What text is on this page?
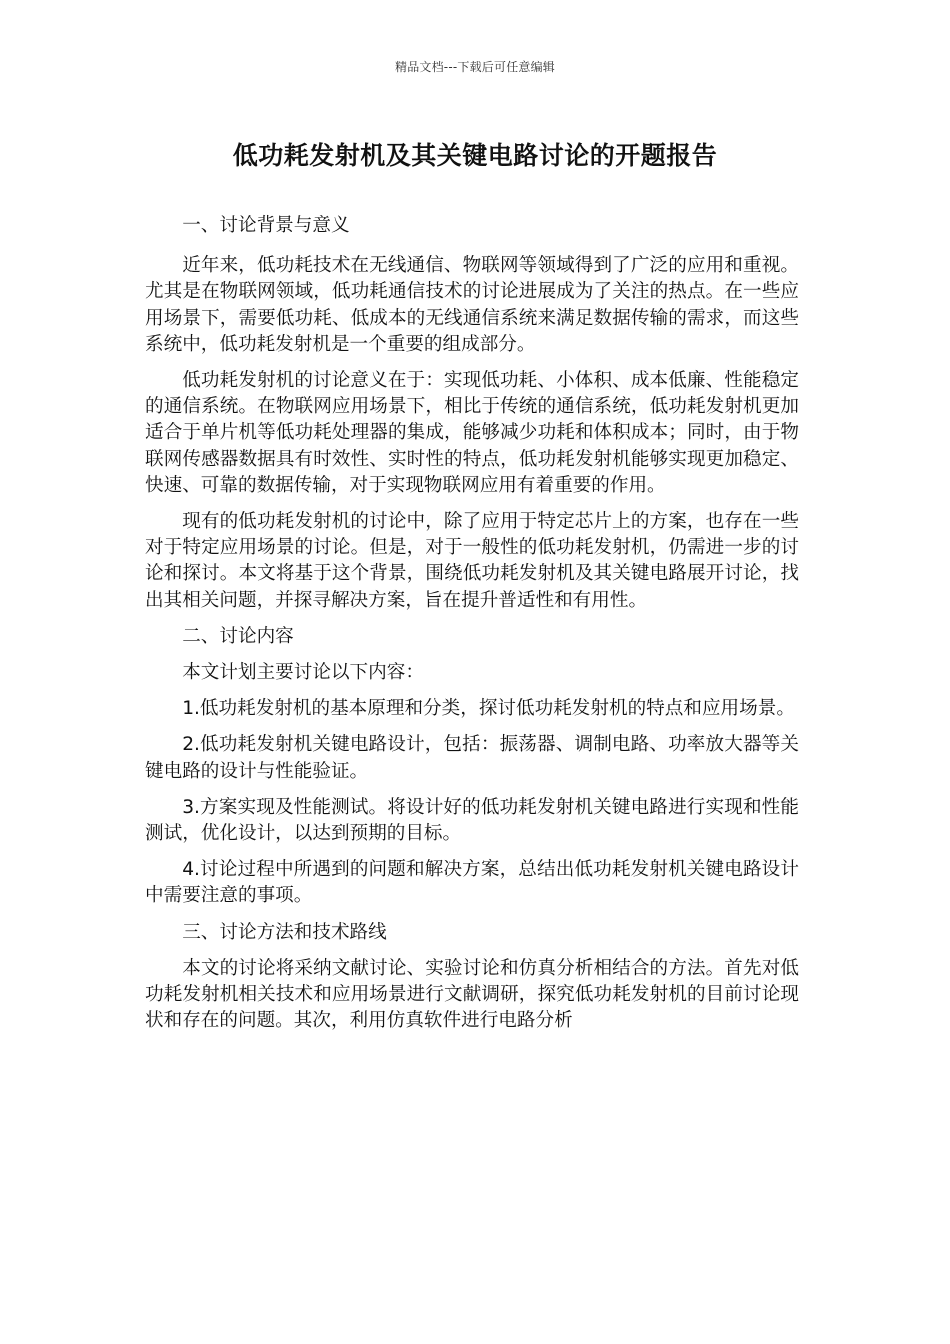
精品文档---下载后可任意编辑
低功耗发射机及其关键电路讨论的开题报告

一、讨论背景与意义

近年来，低功耗技术在无线通信、物联网等领域得到了广泛的应用和重视。尤其是在物联网领域，低功耗通信技术的讨论进展成为了关注的热点。在一些应用场景下，需要低功耗、低成本的无线通信系统来满足数据传输的需求，而这些系统中，低功耗发射机是一个重要的组成部分。

低功耗发射机的讨论意义在于：实现低功耗、小体积、成本低廉、性能稳定的通信系统。在物联网应用场景下，相比于传统的通信系统，低功耗发射机更加适合于单片机等低功耗处理器的集成，能够减少功耗和体积成本；同时，由于物联网传感器数据具有时效性、实时性的特点，低功耗发射机能够实现更加稳定、快速、可靠的数据传输，对于实现物联网应用有着重要的作用。

现有的低功耗发射机的讨论中，除了应用于特定芯片上的方案，也存在一些对于特定应用场景的讨论。但是，对于一般性的低功耗发射机，仍需进一步的讨论和探讨。本文将基于这个背景，围绕低功耗发射机及其关键电路展开讨论，找出其相关问题，并探寻解决方案，旨在提升普适性和有用性。

二、讨论内容

本文计划主要讨论以下内容：

1.低功耗发射机的基本原理和分类，探讨低功耗发射机的特点和应用场景。

2.低功耗发射机关键电路设计，包括：振荡器、调制电路、功率放大器等关键电路的设计与性能验证。

3.方案实现及性能测试。将设计好的低功耗发射机关键电路进行实现和性能测试，优化设计，以达到预期的目标。

4.讨论过程中所遇到的问题和解决方案，总结出低功耗发射机关键电路设计中需要注意的事项。

三、讨论方法和技术路线

本文的讨论将采纳文献讨论、实验讨论和仿真分析相结合的方法。首先对低功耗发射机相关技术和应用场景进行文献调研，探究低功耗发射机的目前讨论现状和存在的问题。其次，利用仿真软件进行电路分析
